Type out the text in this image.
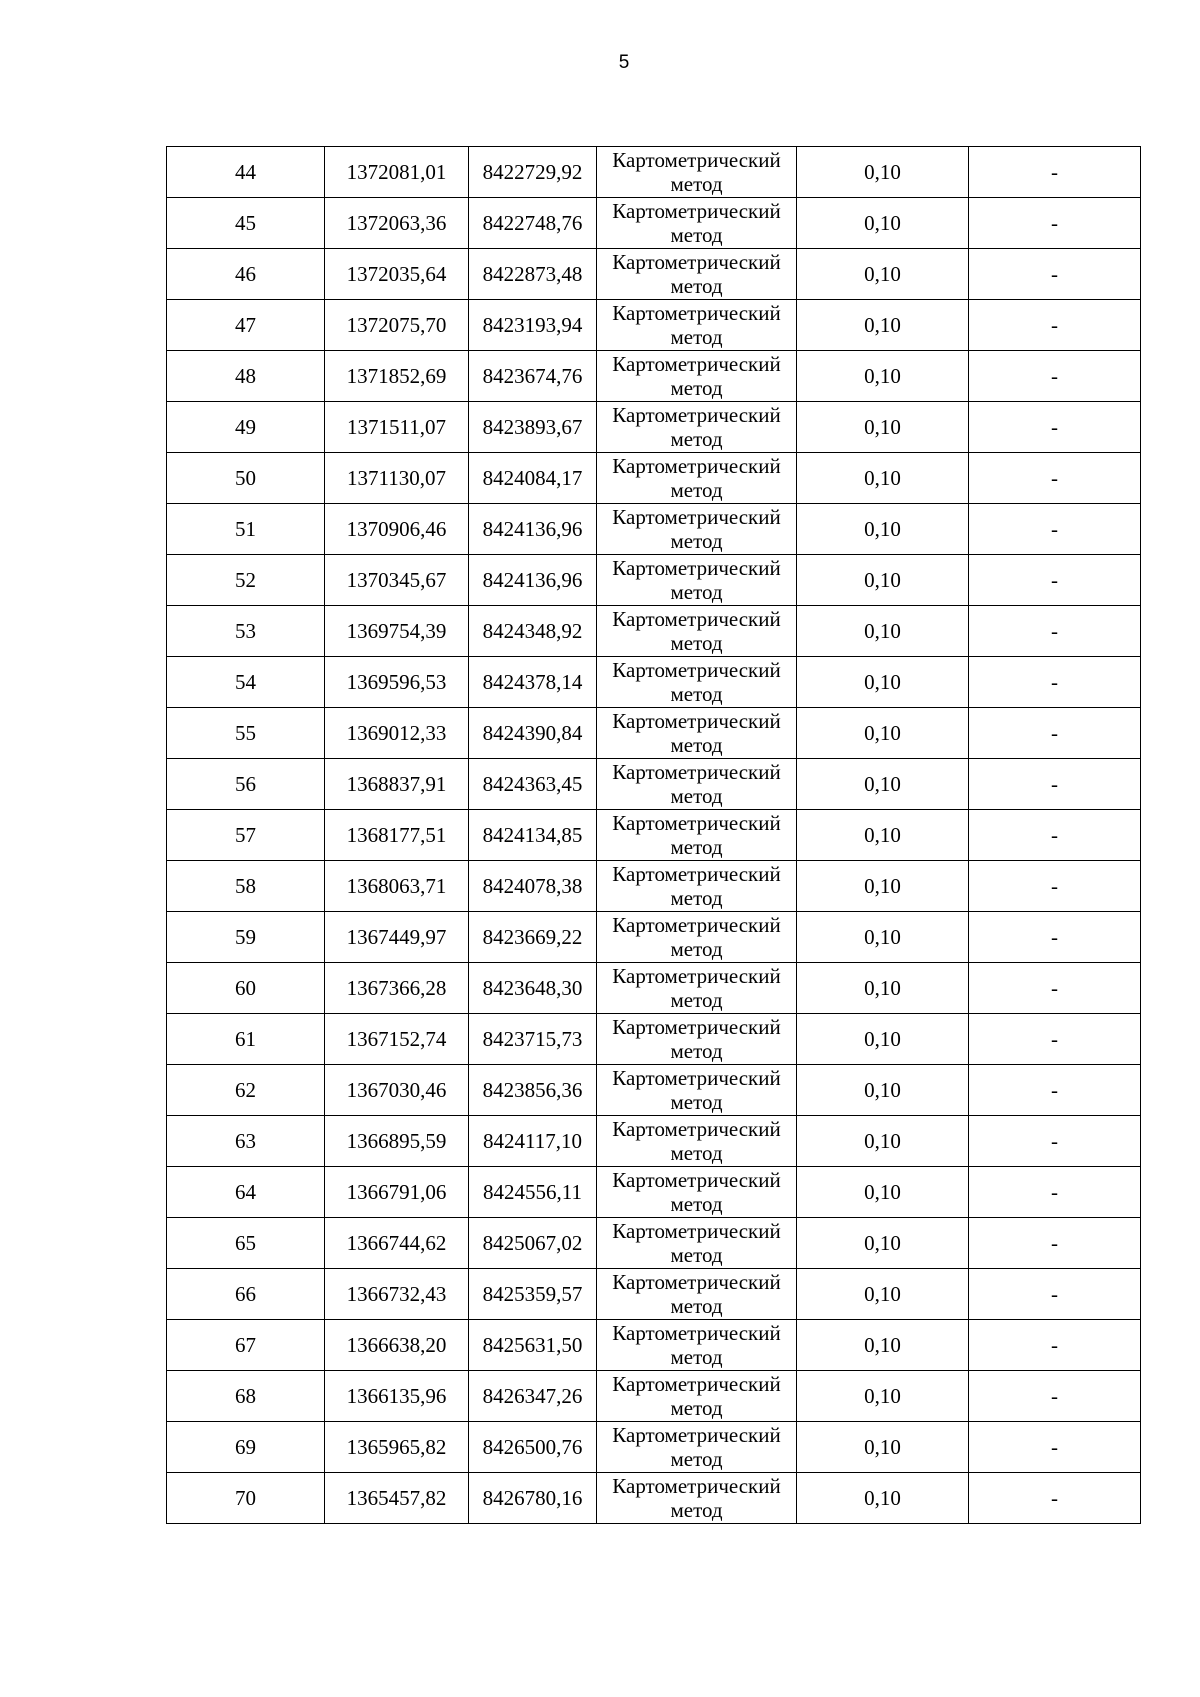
5
44	1372081,01	8422729,92	Картометрический метод	0,10	-
45	1372063,36	8422748,76	Картометрический метод	0,10	-
46	1372035,64	8422873,48	Картометрический метод	0,10	-
47	1372075,70	8423193,94	Картометрический метод	0,10	-
48	1371852,69	8423674,76	Картометрический метод	0,10	-
49	1371511,07	8423893,67	Картометрический метод	0,10	-
50	1371130,07	8424084,17	Картометрический метод	0,10	-
51	1370906,46	8424136,96	Картометрический метод	0,10	-
52	1370345,67	8424136,96	Картометрический метод	0,10	-
53	1369754,39	8424348,92	Картометрический метод	0,10	-
54	1369596,53	8424378,14	Картометрический метод	0,10	-
55	1369012,33	8424390,84	Картометрический метод	0,10	-
56	1368837,91	8424363,45	Картометрический метод	0,10	-
57	1368177,51	8424134,85	Картометрический метод	0,10	-
58	1368063,71	8424078,38	Картометрический метод	0,10	-
59	1367449,97	8423669,22	Картометрический метод	0,10	-
60	1367366,28	8423648,30	Картометрический метод	0,10	-
61	1367152,74	8423715,73	Картометрический метод	0,10	-
62	1367030,46	8423856,36	Картометрический метод	0,10	-
63	1366895,59	8424117,10	Картометрический метод	0,10	-
64	1366791,06	8424556,11	Картометрический метод	0,10	-
65	1366744,62	8425067,02	Картометрический метод	0,10	-
66	1366732,43	8425359,57	Картометрический метод	0,10	-
67	1366638,20	8425631,50	Картометрический метод	0,10	-
68	1366135,96	8426347,26	Картометрический метод	0,10	-
69	1365965,82	8426500,76	Картометрический метод	0,10	-
70	1365457,82	8426780,16	Картометрический метод	0,10	-
